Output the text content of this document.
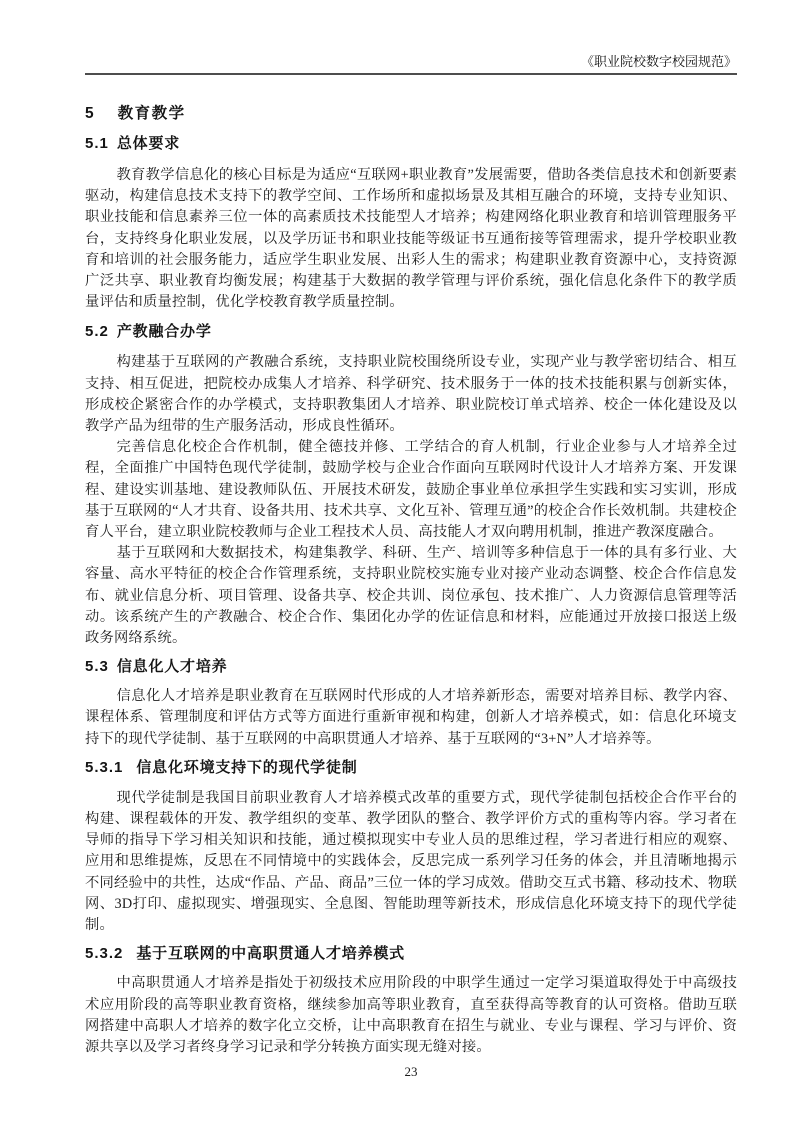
《职业院校数字校园规范》
5 教育教学
5.1 总体要求

教育教学信息化的核心目标是为适应“互联网+职业教育”发展需要，借助各类信息技术和创新要素驱动，构建信息技术支持下的教学空间、工作场所和虚拟场景及其相互融合的环境，支持专业知识、职业技能和信息素养三位一体的高素质技术技能型人才培养；构建网络化职业教育和培训管理服务平台，支持终身化职业发展，以及学历证书和职业技能等级证书互通衔接等管理需求，提升学校职业教育和培训的社会服务能力，适应学生职业发展、出彩人生的需求；构建职业教育资源中心，支持资源广泛共享、职业教育均衡发展；构建基于大数据的教学管理与评价系统，强化信息化条件下的教学质量评估和质量控制，优化学校教育教学质量控制。

5.2 产教融合办学

构建基于互联网的产教融合系统，支持职业院校围绕所设专业，实现产业与教学密切结合、相互支持、相互促进，把院校办成集人才培养、科学研究、技术服务于一体的技术技能积累与创新实体，形成校企紧密合作的办学模式，支持职教集团人才培养、职业院校订单式培养、校企一体化建设及以教学产品为纽带的生产服务活动，形成良性循环。

完善信息化校企合作机制，健全德技并修、工学结合的育人机制，行业企业参与人才培养全过程，全面推广中国特色现代学徒制，鼓励学校与企业合作面向互联网时代设计人才培养方案、开发课程、建设实训基地、建设教师队伍、开展技术研发，鼓励企事业单位承担学生实践和实习实训，形成基于互联网的“人才共育、设备共用、技术共享、文化互补、管理互通”的校企合作长效机制。共建校企育人平台，建立职业院校教师与企业工程技术人员、高技能人才双向聘用机制，推进产教深度融合。

基于互联网和大数据技术，构建集教学、科研、生产、培训等多种信息于一体的具有多行业、大容量、高水平特征的校企合作管理系统，支持职业院校实施专业对接产业动态调整、校企合作信息发布、就业信息分析、项目管理、设备共享、校企共训、岗位承包、技术推广、人力资源信息管理等活动。该系统产生的产教融合、校企合作、集团化办学的佐证信息和材料，应能通过开放接口报送上级政务网络系统。

5.3 信息化人才培养

信息化人才培养是职业教育在互联网时代形成的人才培养新形态，需要对培养目标、教学内容、课程体系、管理制度和评估方式等方面进行重新审视和构建，创新人才培养模式，如：信息化环境支持下的现代学徒制、基于互联网的中高职贯通人才培养、基于互联网的“3+N”人才培养等。

5.3.1 信息化环境支持下的现代学徒制

现代学徒制是我国目前职业教育人才培养模式改革的重要方式，现代学徒制包括校企合作平台的构建、课程载体的开发、教学组织的变革、教学团队的整合、教学评价方式的重构等内容。学习者在导师的指导下学习相关知识和技能，通过模拟现实中专业人员的思维过程，学习者进行相应的观察、应用和思维提炼，反思在不同情境中的实践体会，反思完成一系列学习任务的体会，并且清晰地揭示不同经验中的共性，达成“作品、产品、商品”三位一体的学习成效。借助交互式书籍、移动技术、物联网、3D打印、虚拟现实、增强现实、全息图、智能助理等新技术，形成信息化环境支持下的现代学徒制。

5.3.2 基于互联网的中高职贯通人才培养模式

中高职贯通人才培养是指处于初级技术应用阶段的中职学生通过一定学习渠道取得处于中高级技术应用阶段的高等职业教育资格，继续参加高等职业教育，直至获得高等教育的认可资格。借助互联网搭建中高职人才培养的数字化立交桥，让中高职教育在招生与就业、专业与课程、学习与评价、资源共享以及学习者终身学习记录和学分转换方面实现无缝对接。

23
